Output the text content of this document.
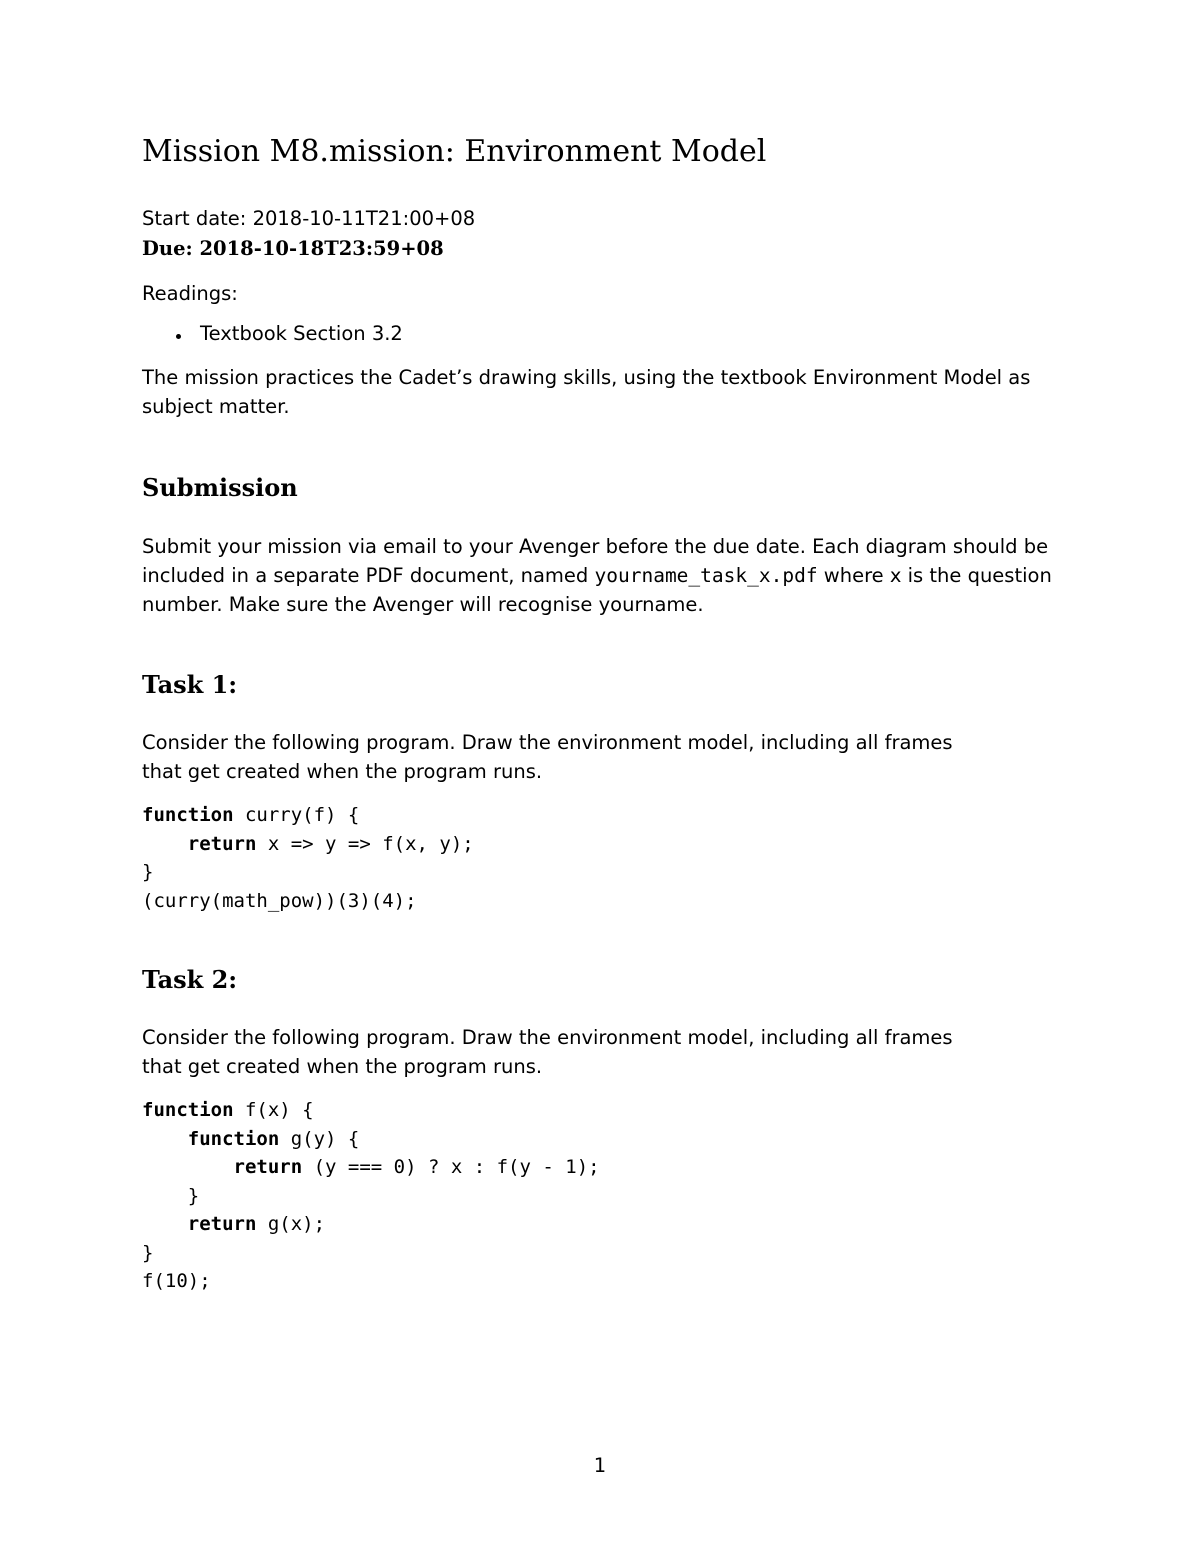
Mission M8.mission: Environment Model

Start date: 2018-10-11T21:00+08

Due: 2018-10-18T23:59+08

Readings:

Textbook Section 3.2

The mission practices the Cadet’s drawing skills, using the textbook Environment Model as

subject matter.

Submission

Submit your mission via email to your Avenger before the due date. Each diagram should be

included in a separate PDF document, named yourname_task_x.pdf where x is the question

number. Make sure the Avenger will recognise yourname.

Task 1:

Consider the following program. Draw the environment model, including all frames

that get created when the program runs.

function curry(f) {
return x => y => f(x, y);
}
(curry(math_pow))(3)(4);
Task 2:

Consider the following program. Draw the environment model, including all frames

that get created when the program runs.

function f(x) {
function g(y) {
return (y === 0) ? x : f(y - 1);
}
return g(x);
}
f(10);
1
